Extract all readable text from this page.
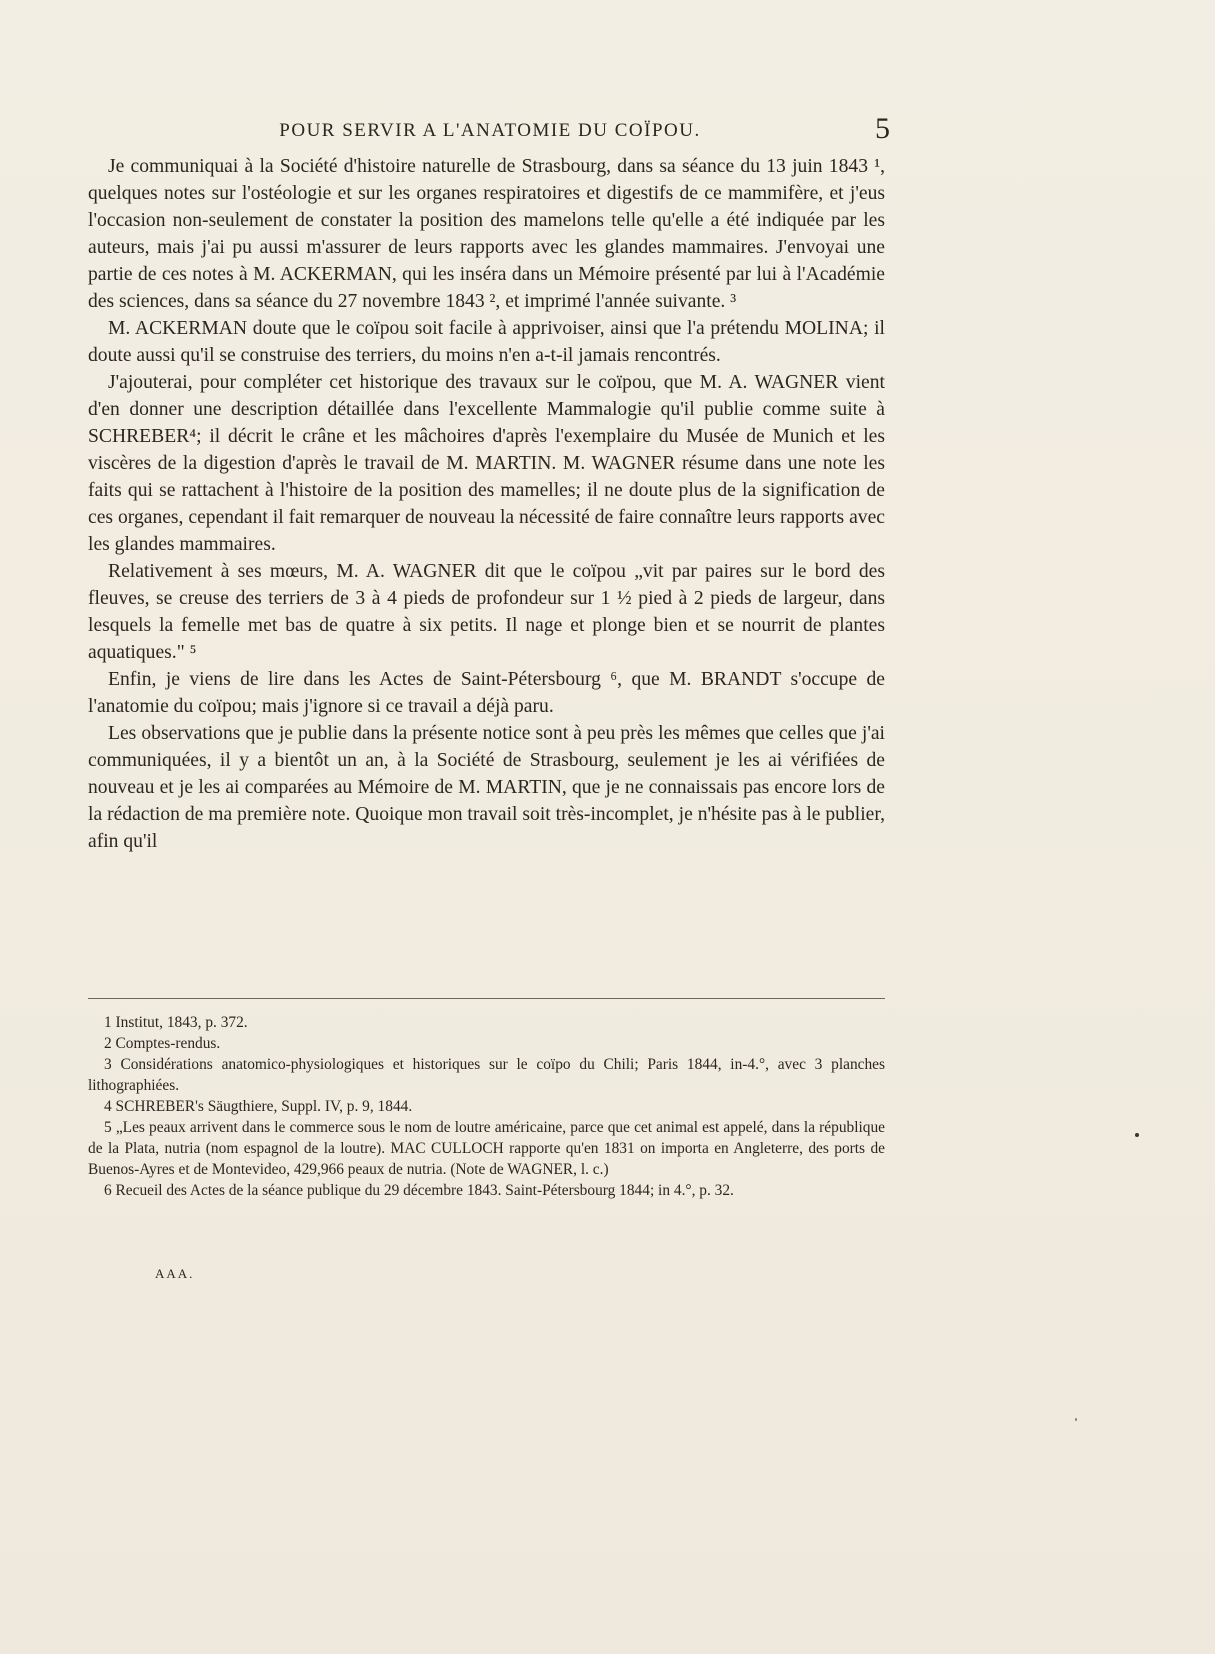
POUR SERVIR A L'ANATOMIE DU COÏPOU.	5

Je communiquai à la Société d'histoire naturelle de Strasbourg, dans sa séance du 13 juin 1843 ¹, quelques notes sur l'ostéologie et sur les organes respiratoires et digestifs de ce mammifère, et j'eus l'occasion non-seulement de constater la position des mamelons telle qu'elle a été indiquée par les auteurs, mais j'ai pu aussi m'assurer de leurs rapports avec les glandes mammaires. J'envoyai une partie de ces notes à M. ACKERMAN, qui les inséra dans un Mémoire présenté par lui à l'Académie des sciences, dans sa séance du 27 novembre 1843 ², et imprimé l'année suivante. ³

M. ACKERMAN doute que le coïpou soit facile à apprivoiser, ainsi que l'a prétendu MOLINA; il doute aussi qu'il se construise des terriers, du moins n'en a-t-il jamais rencontrés.

J'ajouterai, pour compléter cet historique des travaux sur le coïpou, que M. A. WAGNER vient d'en donner une description détaillée dans l'excellente Mammalogie qu'il publie comme suite à SCHREBER⁴; il décrit le crâne et les mâchoires d'après l'exemplaire du Musée de Munich et les viscères de la digestion d'après le travail de M. MARTIN. M. WAGNER résume dans une note les faits qui se rattachent à l'histoire de la position des mamelles; il ne doute plus de la signification de ces organes, cependant il fait remarquer de nouveau la nécessité de faire connaître leurs rapports avec les glandes mammaires.

Relativement à ses mœurs, M. A. WAGNER dit que le coïpou „vit par paires sur le bord des fleuves, se creuse des terriers de 3 à 4 pieds de profondeur sur 1 ½ pied à 2 pieds de largeur, dans lesquels la femelle met bas de quatre à six petits. Il nage et plonge bien et se nourrit de plantes aquatiques." ⁵

Enfin, je viens de lire dans les Actes de Saint-Pétersbourg ⁶, que M. BRANDT s'occupe de l'anatomie du coïpou; mais j'ignore si ce travail a déjà paru.

Les observations que je publie dans la présente notice sont à peu près les mêmes que celles que j'ai communiquées, il y a bientôt un an, à la Société de Strasbourg, seulement je les ai vérifiées de nouveau et je les ai comparées au Mémoire de M. MARTIN, que je ne connaissais pas encore lors de la rédaction de ma première note. Quoique mon travail soit très-incomplet, je n'hésite pas à le publier, afin qu'il

1 Institut, 1843, p. 372.

2 Comptes-rendus.

3 Considérations anatomico-physiologiques et historiques sur le coïpo du Chili; Paris 1844, in-4.°, avec 3 planches lithographiées.

4 SCHREBER's Säugthiere, Suppl. IV, p. 9, 1844.

5 „Les peaux arrivent dans le commerce sous le nom de loutre américaine, parce que cet animal est appelé, dans la république de la Plata, nutria (nom espagnol de la loutre). MAC CULLOCH rapporte qu'en 1831 on importa en Angleterre, des ports de Buenos-Ayres et de Montevideo, 429,966 peaux de nutria. (Note de WAGNER, l. c.)

6 Recueil des Actes de la séance publique du 29 décembre 1843. Saint-Pétersbourg 1844; in 4.°, p. 32.

AAA.
